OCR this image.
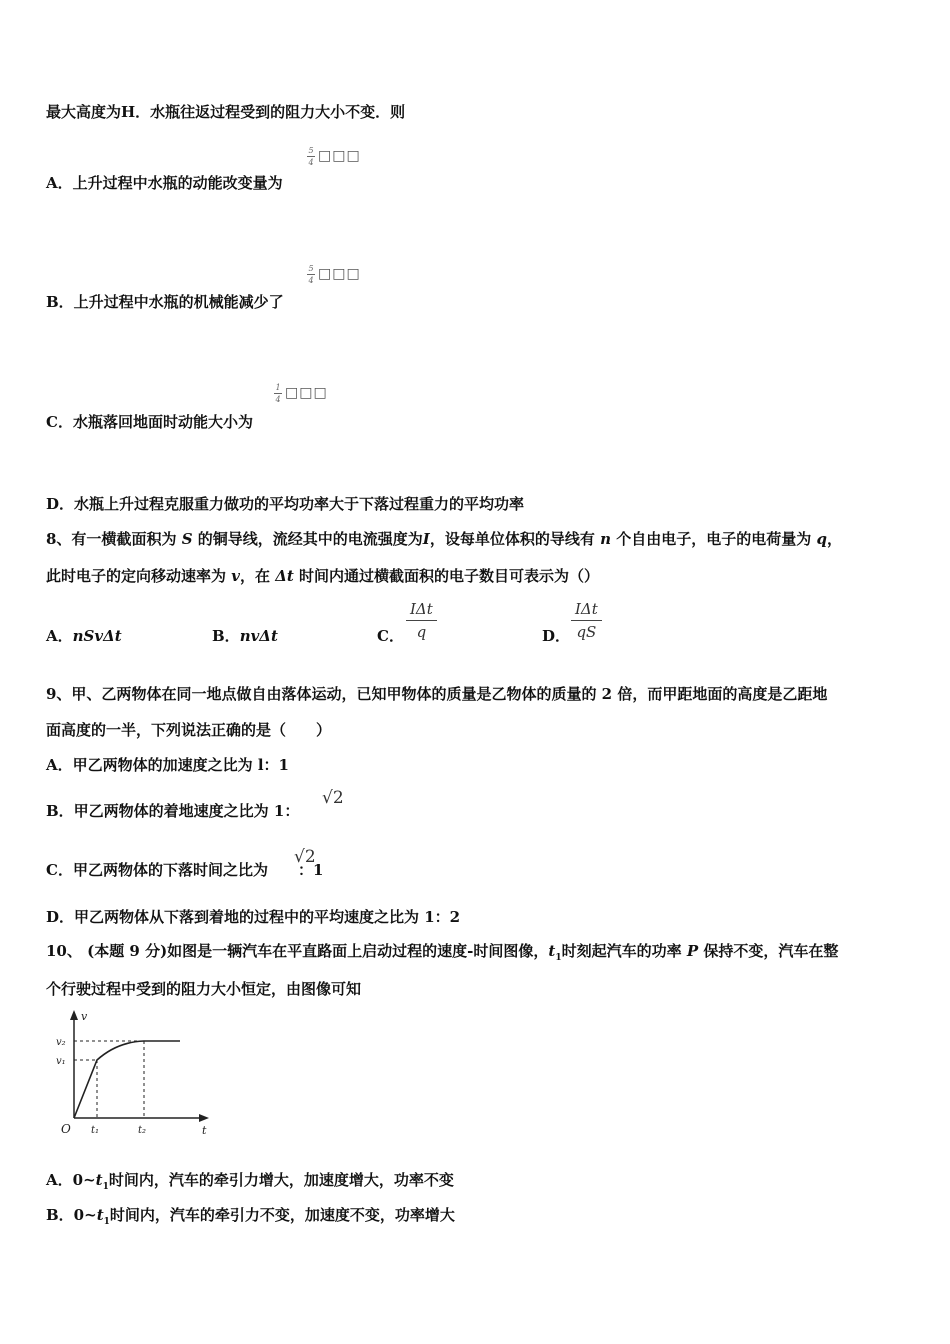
最大高度为H．水瓶往返过程受到的阻力大小不变．则
5
4 □□□
A．上升过程中水瓶的动能改变量为
5
4 □□□
B．上升过程中水瓶的机械能减少了
1
4 □□□
C．水瓶落回地面时动能大小为
D．水瓶上升过程克服重力做功的平均功率大于下落过程重力的平均功率
8、有一横截面积为 S 的铜导线，流经其中的电流强度为I，设每单位体积的导线有 n 个自由电子，电子的电荷量为 q，
此时电子的定向移动速率为 v，在 Δt 时间内通过横截面积的电子数目可表示为（）
A．nSvΔt	B．nvΔt	C．
IΔt
q	D．
IΔt
qS
9、甲、乙两物体在同一地点做自由落体运动，已知甲物体的质量是乙物体的质量的 2 倍，而甲距地面的高度是乙距地
面高度的一半，下列说法正确的是（　　）
A．甲乙两物体的加速度之比为 l：1
B．甲乙两物体的着地速度之比为 1：
√2
C．甲乙两物体的下落时间之比为 ：1
√2
D．甲乙两物体从下落到着地的过程中的平均速度之比为 1：2
10、 (本题 9 分)如图是一辆汽车在平直路面上启动过程的速度-时间图像，$t_1$时刻起汽车的功率 P 保持不变，汽车在整
个行驶过程中受到的阻力大小恒定，由图像可知
v
t
O
v₂
v₁
t₁	t₂
A．$0\sim t_1$时间内，汽车的牵引力增大，加速度增大，功率不变
B．$0\sim t_1$时间内，汽车的牵引力不变，加速度不变，功率增大
